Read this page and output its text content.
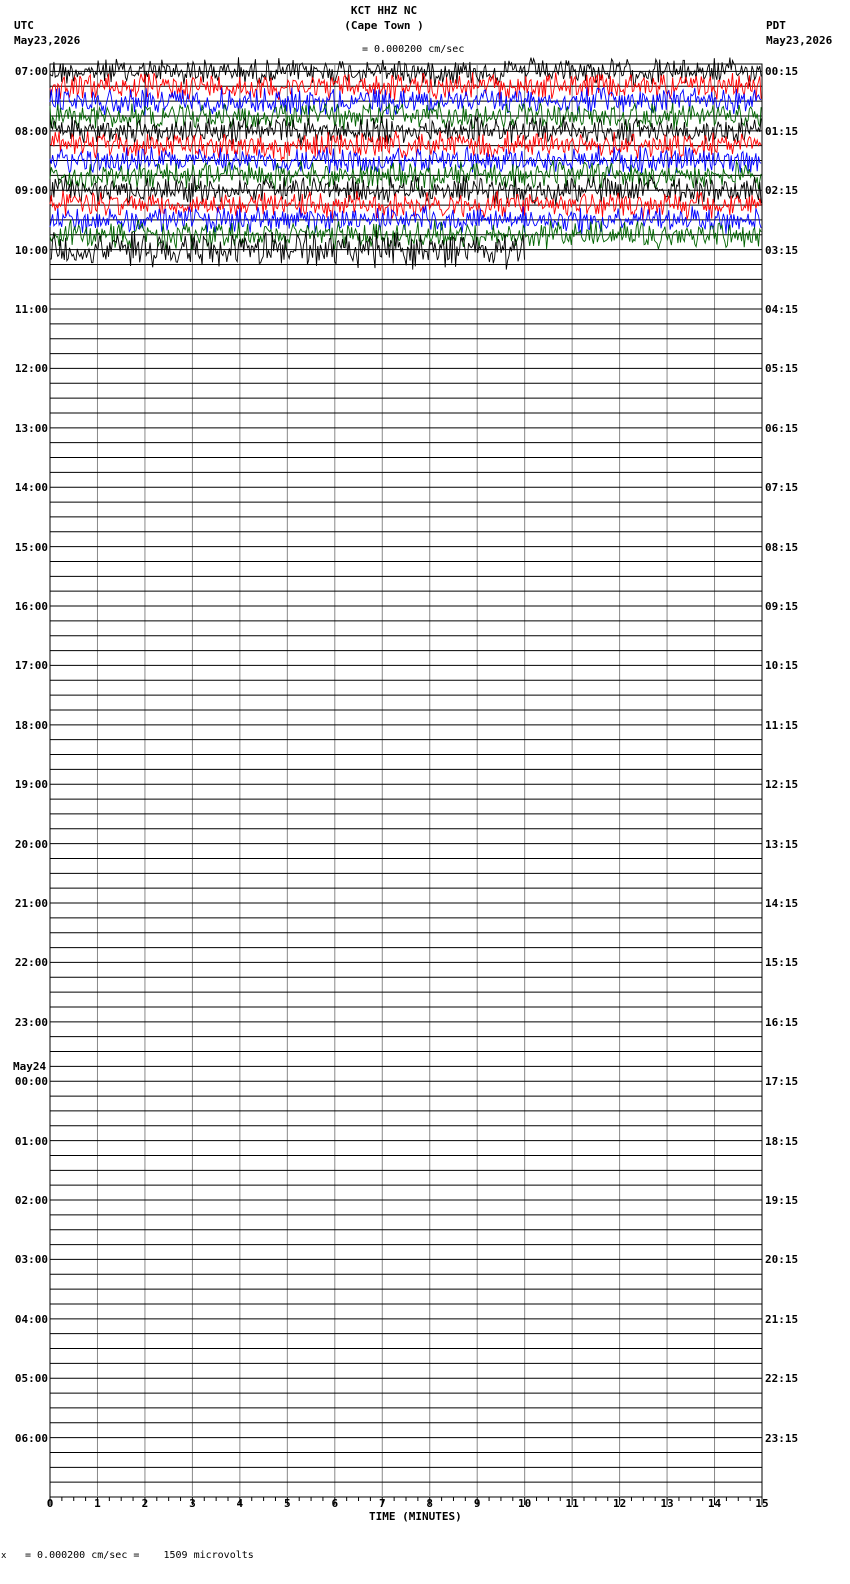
KCT HHZ NC
(Cape Town )
UTC
May23,2026
PDT
May23,2026
= 0.000200 cm/sec
TIME (MINUTES)
x = 0.000200 cm/sec =    1509 microvolts
07:00
08:00
09:00
10:00
11:00
12:00
13:00
14:00
15:00
16:00
17:00
18:00
19:00
20:00
21:00
22:00
23:00
00:00
May24
01:00
02:00
03:00
04:00
05:00
06:00
00:15
01:15
02:15
03:15
04:15
05:15
06:15
07:15
08:15
09:15
10:15
11:15
12:15
13:15
14:15
15:15
16:15
17:15
18:15
19:15
20:15
21:15
22:15
23:15
0	1	2	3	4	5	6	7	8	9	10	11	12	13	14	15
